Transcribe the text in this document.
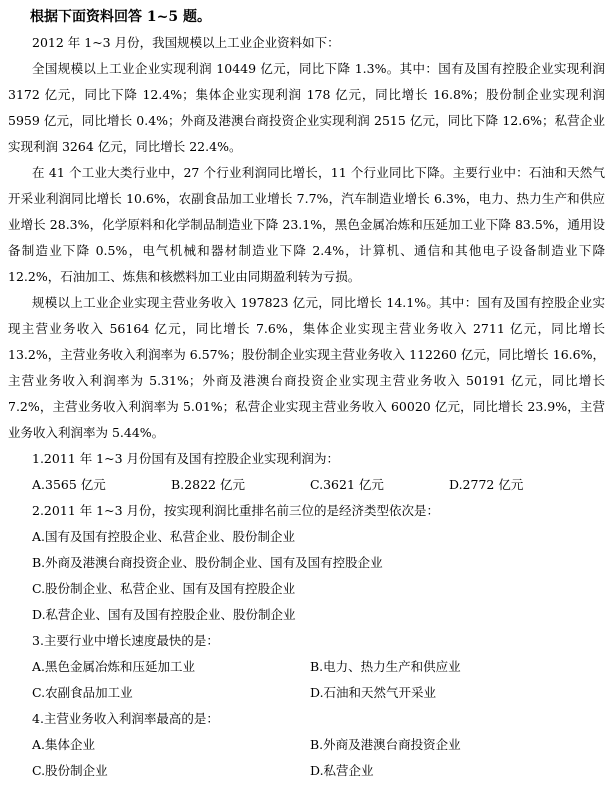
根据下面资料回答 1~5 题。

2012 年 1~3 月份，我国规模以上工业企业资料如下：

全国规模以上工业企业实现利润 10449 亿元，同比下降 1.3%。其中：国有及国有控股企业实现利润 3172 亿元，同比下降 12.4%；集体企业实现利润 178 亿元，同比增长 16.8%；股份制企业实现利润 5959 亿元，同比增长 0.4%；外商及港澳台商投资企业实现利润 2515 亿元，同比下降 12.6%；私营企业实现利润 3264 亿元，同比增长 22.4%。

在 41 个工业大类行业中，27 个行业利润同比增长，11 个行业同比下降。主要行业中：石油和天然气开采业利润同比增长 10.6%，农副食品加工业增长 7.7%，汽车制造业增长 6.3%，电力、热力生产和供应业增长 28.3%，化学原料和化学制品制造业下降 23.1%，黑色金属冶炼和压延加工业下降 83.5%，通用设备制造业下降 0.5%，电气机械和器材制造业下降 2.4%，计算机、通信和其他电子设备制造业下降 12.2%，石油加工、炼焦和核燃料加工业由同期盈利转为亏损。

规模以上工业企业实现主营业务收入 197823 亿元，同比增长 14.1%。其中：国有及国有控股企业实现主营业务收入 56164 亿元，同比增长 7.6%，集体企业实现主营业务收入 2711 亿元，同比增长 13.2%，主营业务收入利润率为 6.57%；股份制企业实现主营业务收入 112260 亿元，同比增长 16.6%，主营业务收入利润率为 5.31%；外商及港澳台商投资企业实现主营业务收入 50191 亿元，同比增长 7.2%，主营业务收入利润率为 5.01%；私营企业实现主营业务收入 60020 亿元，同比增长 23.9%，主营业务收入利润率为 5.44%。

1.2011 年 1~3 月份国有及国有控股企业实现利润为：

A.3565 亿元	B.2822 亿元	C.3621 亿元	D.2772 亿元

2.2011 年 1~3 月份，按实现利润比重排名前三位的是经济类型依次是：

A.国有及国有控股企业、私营企业、股份制企业
B.外商及港澳台商投资企业、股份制企业、国有及国有控股企业
C.股份制企业、私营企业、国有及国有控股企业
D.私营企业、国有及国有控股企业、股份制企业

3.主要行业中增长速度最快的是：

A.黑色金属冶炼和压延加工业	B.电力、热力生产和供应业
C.农副食品加工业	D.石油和天然气开采业

4.主营业务收入利润率最高的是：

A.集体企业	B.外商及港澳台商投资企业
C.股份制企业	D.私营企业
